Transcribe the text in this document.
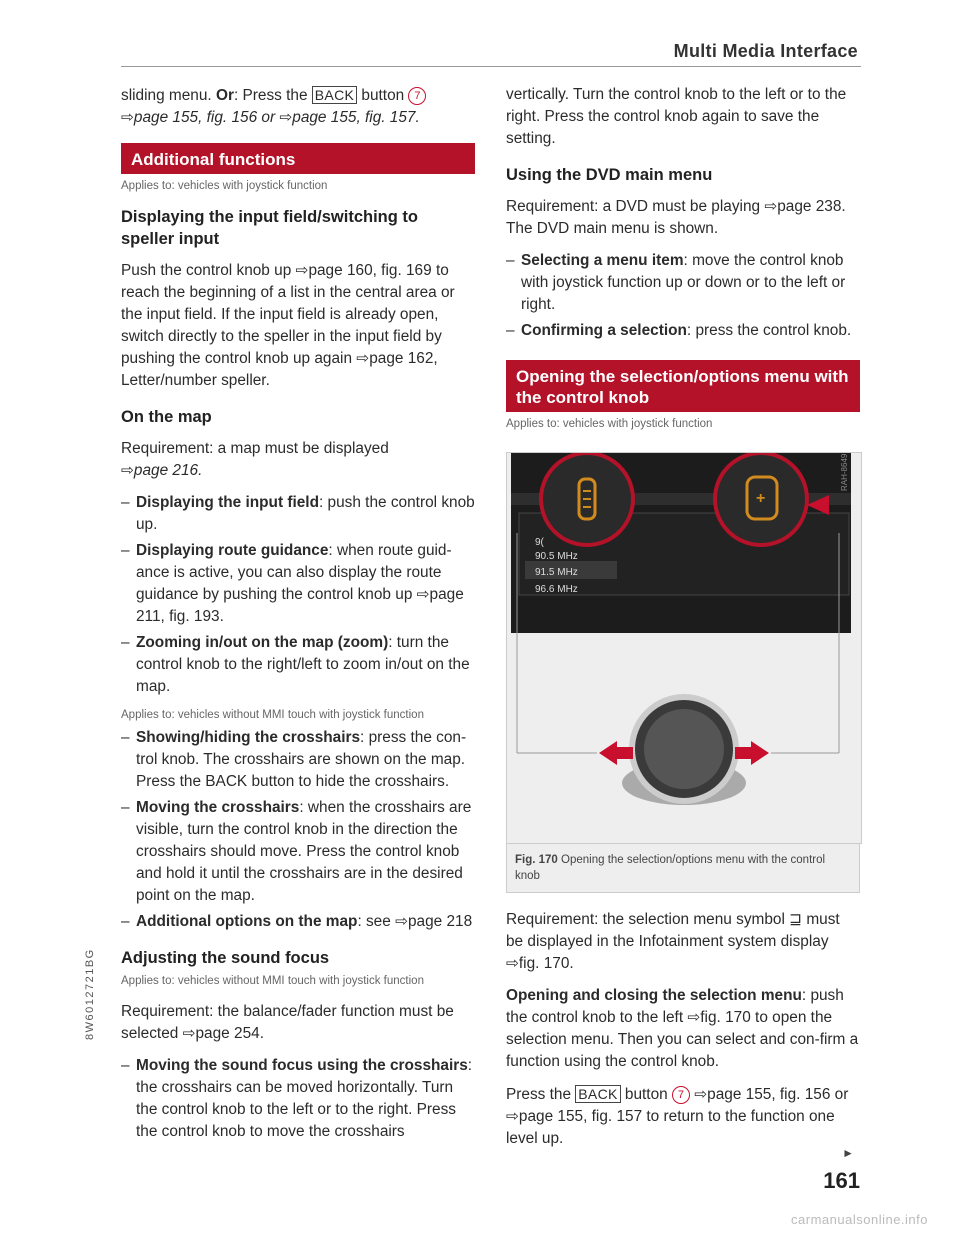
Multi Media Interface

sliding menu. Or: Press the BACK button 7
⇨page 155, fig. 156 or ⇨page 155, fig. 157.

Additional functions
Applies to: vehicles with joystick function
Displaying the input field/switching to speller input

Push the control knob up ⇨page 160, fig. 169 to reach the beginning of a list in the central area or the input field. If the input field is already open, switch directly to the speller in the input field by pushing the control knob up again ⇨page 162, Letter/number speller.

On the map

Requirement: a map must be displayed

⇨page 216.

– Displaying the input field: push the control knob up.
– Displaying route guidance: when route guid-ance is active, you can also display the route guidance by pushing the control knob up ⇨page 211, fig. 193.
– Zooming in/out on the map (zoom): turn the control knob to the right/left to zoom in/out on the map.
Applies to: vehicles without MMI touch with joystick function
– Showing/hiding the crosshairs: press the con-trol knob. The crosshairs are shown on the map. Press the BACK button to hide the crosshairs.
– Moving the crosshairs: when the crosshairs are visible, turn the control knob in the direction the crosshairs should move. Press the control knob and hold it until the crosshairs are in the desired point on the map.
– Additional options on the map: see ⇨page 218
Adjusting the sound focus
Applies to: vehicles without MMI touch with joystick function

Requirement: the balance/fader function must be selected ⇨page 254.

– Moving the sound focus using the crosshairs: the crosshairs can be moved horizontally. Turn the control knob to the left or to the right. Press the control knob to move the crosshairs

vertically. Turn the control knob to the left or to the right. Press the control knob again to save the setting.

Using the DVD main menu

Requirement: a DVD must be playing ⇨page 238. The DVD main menu is shown.

– Selecting a menu item: move the control knob with joystick function up or down or to the left or right.
– Confirming a selection: press the control knob.
Opening the selection/options menu with the control knob
Applies to: vehicles with joystick function
9(
90.5 MHz
91.5 MHz
96.6 MHz
+
RAH-8649
Fig. 170 Opening the selection/options menu with the control knob

Requirement: the selection menu symbol ⊒ must be displayed in the Infotainment system display ⇨fig. 170.

Opening and closing the selection menu: push the control knob to the left ⇨fig. 170 to open the selection menu. Then you can select and con-firm a function using the control knob.

Press the BACK button 7 ⇨page 155, fig. 156 or ⇨page 155, fig. 157 to return to the function one level up.

8W6012721BG
►
161
carmanualsonline.info
